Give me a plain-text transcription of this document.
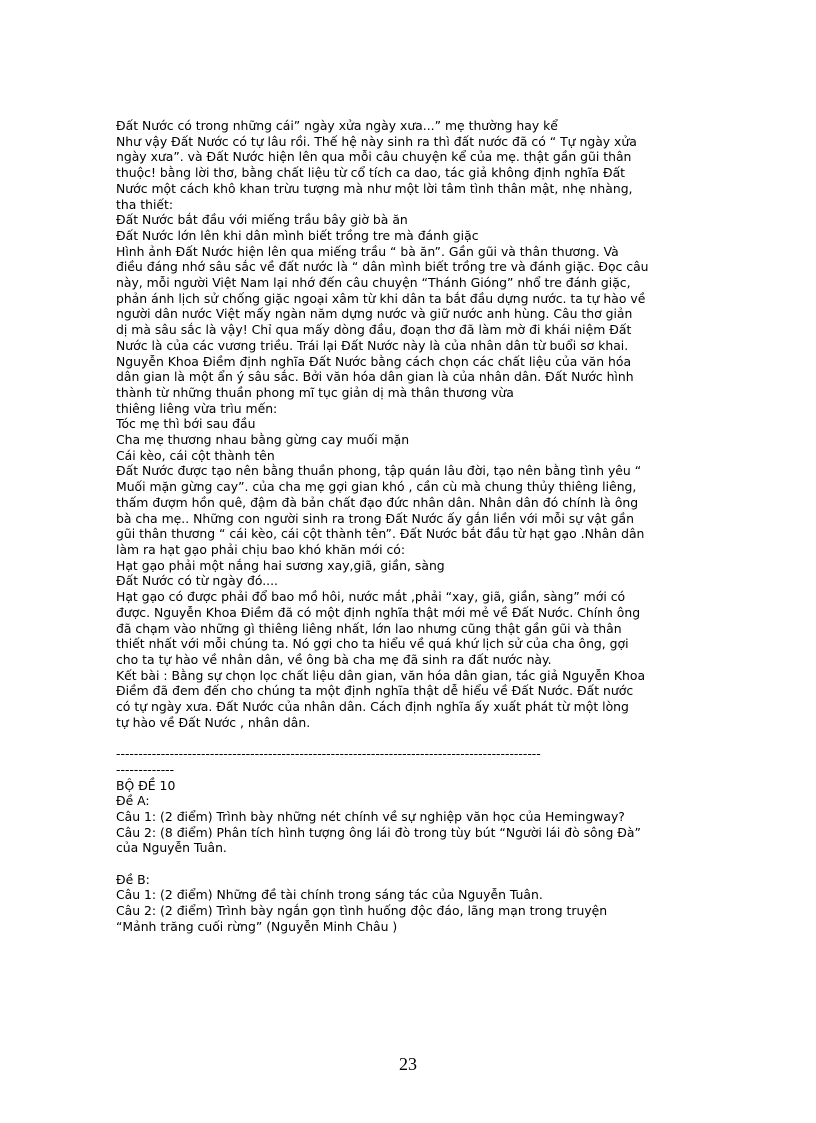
Đất Nước có trong những cái” ngày xửa ngày xưa...” mẹ thường hay kể
Như vậy Đất Nước có tự lâu rồi. Thế hệ này sinh ra thì đất nước đã có “ Tự ngày xửa
ngày xưa”. và Đất Nước hiện lên qua mỗi câu chuyện kể của mẹ. thật gần gũi thân
thuộc! bằng lời thơ, bằng chất liệu từ cổ tích ca dao, tác giả không định nghĩa Đất
Nước một cách khô khan trừu tượng mà như một lời tâm tình thân mật, nhẹ nhàng,
tha thiết:
Đất Nước bắt đầu với miếng trầu bây giờ bà ăn
Đất Nước lớn lên khi dân mình biết trồng tre mà đánh giặc
Hình ảnh Đất Nước hiện lên qua miếng trầu “ bà ăn”. Gần gũi và thân thương. Và
điều đáng nhớ sâu sắc về đất nước là “ dân mình biết trồng tre và đánh giặc. Đọc câu
này, mỗi người Việt Nam lại nhớ đến câu chuyện “Thánh Gióng” nhổ tre đánh giặc,
phản ánh lịch sử chống giặc ngoại xâm từ khi dân ta bắt đầu dựng nước. ta tự hào về
người dân nước Việt mấy ngàn năm dựng nước và giữ nước anh hùng. Câu thơ giản
dị mà sâu sắc là vậy! Chỉ qua mấy dòng đầu, đoạn thơ đã làm mờ đi khái niệm Đất
Nước là của các vương triều. Trái lại Đất Nước này là của nhân dân từ buổi sơ khai.
Nguyễn Khoa Điềm định nghĩa Đất Nước bằng cách chọn các chất liệu của văn hóa
dân gian là một ẩn ý sâu sắc. Bởi văn hóa dân gian là của nhân dân. Đất Nước hình
thành từ những thuần phong mĩ tục giản dị mà thân thương vừa
thiêng liêng vừa trìu mến:
Tóc mẹ thì bới sau đầu
Cha mẹ thương nhau bằng gừng cay muối mặn
Cái kèo, cái cột thành tên
Đất Nước được tạo nên bằng thuần phong, tập quán lâu đời, tạo nên bằng tình yêu “
Muối mặn gừng cay”. của cha mẹ gợi gian khó , cần cù mà chung thủy thiêng liêng,
thấm đượm hồn quê, đậm đà bản chất đạo đức nhân dân. Nhân dân đó chính là ông
bà cha mẹ.. Những con người sinh ra trong Đất Nước ấy gắn liền với mỗi sự vật gần
gũi thân thương “ cái kèo, cái cột thành tên”. Đất Nước bắt đầu từ hạt gạo .Nhân dân
làm ra hạt gạo phải chịu bao khó khăn mới có:
Hạt gạo phải một nắng hai sương xay,giã, giần, sàng
Đất Nước có từ ngày đó....
Hạt gạo có được phải đổ bao mồ hôi, nước mắt ,phải “xay, giã, giần, sàng” mới có
được. Nguyễn Khoa Điềm đã có một định nghĩa thật mới mẻ về Đất Nước. Chính ông
đã chạm vào những gì thiêng liêng nhất, lớn lao nhưng cũng thật gần gũi và thân
thiết nhất với mỗi chúng ta. Nó gợi cho ta hiểu về quá khứ lịch sử của cha ông, gợi
cho ta tự hào về nhân dân, về ông bà cha mẹ đã sinh ra đất nước này.
Kết bài : Bằng sự chọn lọc chất liệu dân gian, văn hóa dân gian, tác giả Nguyễn Khoa
Điềm đã đem đến cho chúng ta một định nghĩa thật dễ hiểu về Đất Nước. Đất nước
có tự ngày xưa. Đất Nước của nhân dân. Cách định nghĩa ấy xuất phát từ một lòng
tự hào về Đất Nước , nhân dân.
-----------------------------------------------------------------------------------------------
-------------
BỘ ĐỀ 10
Đề A:
Câu 1: (2 điểm) Trình bày những nét chính về sự nghiệp văn học của Hemingway?
Câu 2: (8 điểm) Phân tích hình tượng ông lái đò trong tùy bút “Người lái đò sông Đà”
của Nguyễn Tuân.
Đề B:
Câu 1: (2 điểm) Những đề tài chính trong sáng tác của Nguyễn Tuân.
Câu 2: (2 điểm) Trình bày ngắn gọn tình huống độc đáo, lãng mạn trong truyện
“Mảnh trăng cuối rừng” (Nguyễn Minh Châu )
23
